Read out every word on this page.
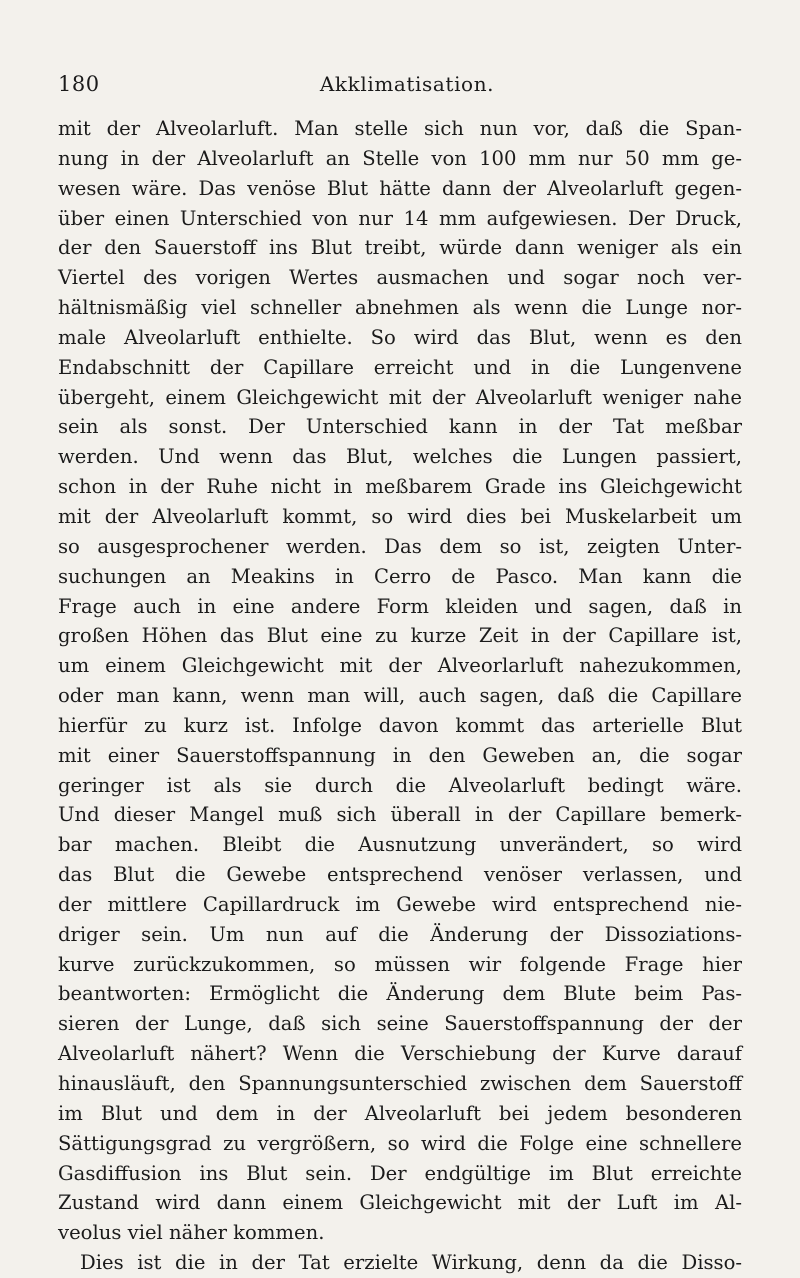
180	Akklimatisation.
mit der Alveolarluft. Man stelle sich nun vor, daß die Span-
nung in der Alveolarluft an Stelle von 100 mm nur 50 mm ge-
wesen wäre. Das venöse Blut hätte dann der Alveolarluft gegen-
über einen Unterschied von nur 14 mm aufgewiesen. Der Druck,
der den Sauerstoff ins Blut treibt, würde dann weniger als ein
Viertel des vorigen Wertes ausmachen und sogar noch ver-
hältnismäßig viel schneller abnehmen als wenn die Lunge nor-
male Alveolarluft enthielte. So wird das Blut, wenn es den
Endabschnitt der Capillare erreicht und in die Lungenvene
übergeht, einem Gleichgewicht mit der Alveolarluft weniger nahe
sein als sonst. Der Unterschied kann in der Tat meßbar
werden. Und wenn das Blut, welches die Lungen passiert,
schon in der Ruhe nicht in meßbarem Grade ins Gleichgewicht
mit der Alveolarluft kommt, so wird dies bei Muskelarbeit um
so ausgesprochener werden. Das dem so ist, zeigten Unter-
suchungen an Meakins in Cerro de Pasco. Man kann die
Frage auch in eine andere Form kleiden und sagen, daß in
großen Höhen das Blut eine zu kurze Zeit in der Capillare ist,
um einem Gleichgewicht mit der Alveorlarluft nahezukommen,
oder man kann, wenn man will, auch sagen, daß die Capillare
hierfür zu kurz ist. Infolge davon kommt das arterielle Blut
mit einer Sauerstoffspannung in den Geweben an, die sogar
geringer ist als sie durch die Alveolarluft bedingt wäre.
Und dieser Mangel muß sich überall in der Capillare bemerk-
bar machen. Bleibt die Ausnutzung unverändert, so wird
das Blut die Gewebe entsprechend venöser verlassen, und
der mittlere Capillardruck im Gewebe wird entsprechend nie-
driger sein. Um nun auf die Änderung der Dissoziations-
kurve zurückzukommen, so müssen wir folgende Frage hier
beantworten: Ermöglicht die Änderung dem Blute beim Pas-
sieren der Lunge, daß sich seine Sauerstoffspannung der der
Alveolarluft nähert? Wenn die Verschiebung der Kurve darauf
hinausläuft, den Spannungsunterschied zwischen dem Sauerstoff
im Blut und dem in der Alveolarluft bei jedem besonderen
Sättigungsgrad zu vergrößern, so wird die Folge eine schnellere
Gasdiffusion ins Blut sein. Der endgültige im Blut erreichte
Zustand wird dann einem Gleichgewicht mit der Luft im Al-
veolus viel näher kommen.
Dies ist die in der Tat erzielte Wirkung, denn da die Disso-
